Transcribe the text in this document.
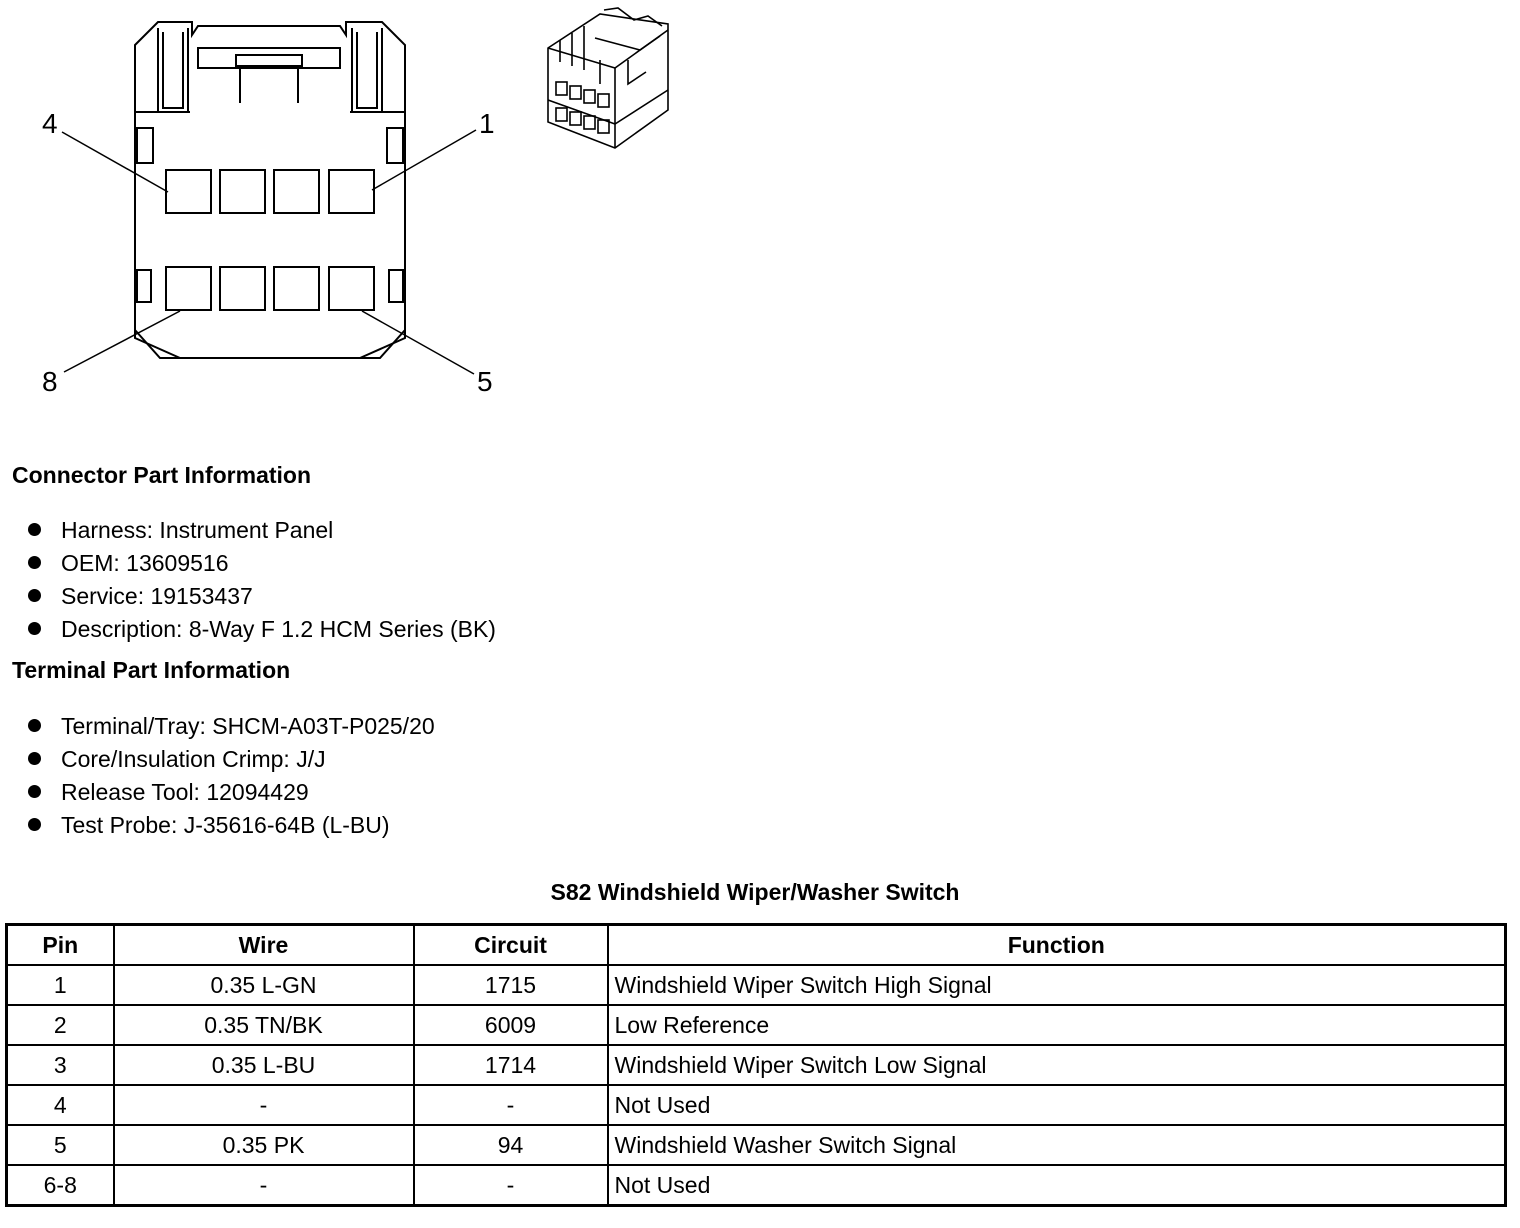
4	1
8	5
Connector Part Information
Harness: Instrument Panel
OEM: 13609516
Service: 19153437
Description: 8-Way F 1.2 HCM Series (BK)
Terminal Part Information
Terminal/Tray: SHCM-A03T-P025/20
Core/Insulation Crimp: J/J
Release Tool: 12094429
Test Probe: J-35616-64B (L-BU)
S82 Windshield Wiper/Washer Switch
Pin	Wire	Circuit	Function
1	0.35 L-GN	1715	Windshield Wiper Switch High Signal
2	0.35 TN/BK	6009	Low Reference
3	0.35 L-BU	1714	Windshield Wiper Switch Low Signal
4	-	-	Not Used
5	0.35 PK	94	Windshield Washer Switch Signal
6-8	-	-	Not Used
